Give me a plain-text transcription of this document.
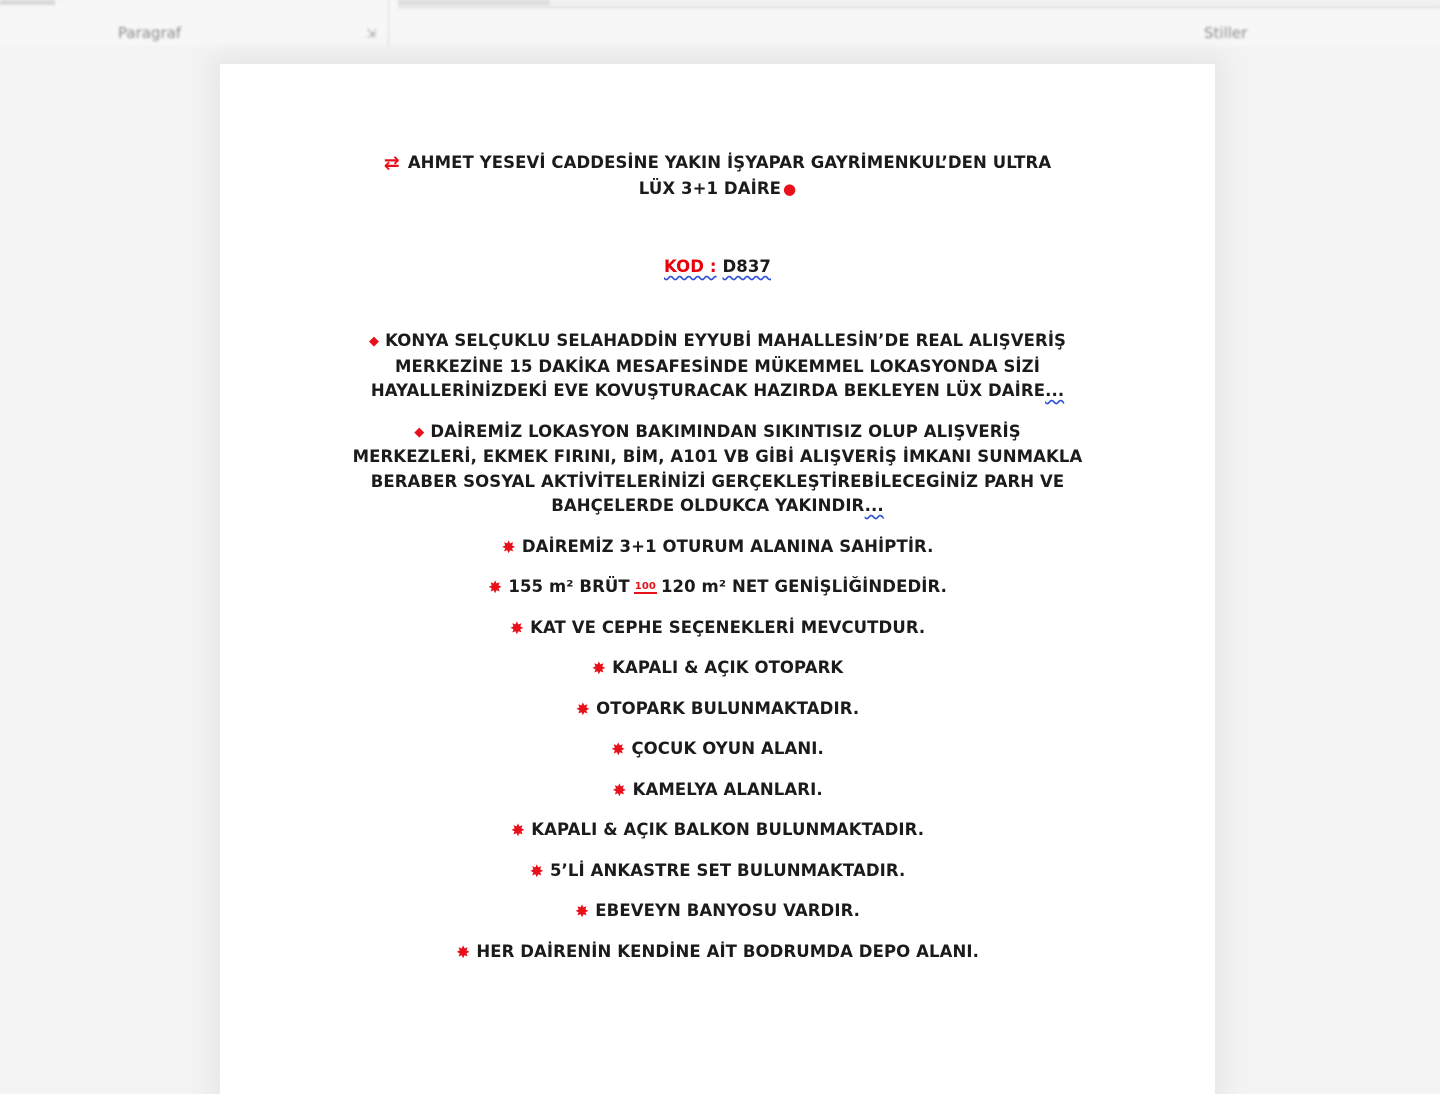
Paragraf	⇲	Stiller

⇄ AHMET YESEVİ CADDESİNE YAKIN İŞYAPAR GAYRİMENKUL’DEN ULTRA
LÜX 3+1 DAİRE ●

KOD : D837

◆ KONYA SELÇUKLU SELAHADDİN EYYUBİ MAHALLESİN’DE REAL ALIŞVERİŞ
MERKEZİNE 15 DAKİKA MESAFESİNDE MÜKEMMEL LOKASYONDA SİZİ
HAYALLERİNİZDEKİ EVE KOVUŞTURACAK HAZIRDA BEKLEYEN LÜX DAİRE...

◆ DAİREMİZ LOKASYON BAKIMINDAN SIKINTISIZ OLUP ALIŞVERİŞ
MERKEZLERİ, EKMEK FIRINI, BİM, A101 VB GİBİ ALIŞVERİŞ İMKANI SUNMAKLA
BERABER SOSYAL AKTİVİTELERİNİZİ GERÇEKLEŞTİREBİLECEGİNİZ PARH VE
BAHÇELERDE OLDUKCA YAKINDIR...

✸ DAİREMİZ 3+1 OTURUM ALANINA SAHİPTİR.

✸ 155 m² BRÜT 100 120 m² NET GENİŞLİĞİNDEDİR.

✸ KAT VE CEPHE SEÇENEKLERİ MEVCUTDUR.

✸ KAPALI & AÇIK OTOPARK

✸ OTOPARK BULUNMAKTADIR.

✸ ÇOCUK OYUN ALANI.

✸ KAMELYA ALANLARI.

✸ KAPALI & AÇIK BALKON BULUNMAKTADIR.

✸ 5’Lİ ANKASTRE SET BULUNMAKTADIR.

✸ EBEVEYN BANYOSU VARDIR.

✸ HER DAİRENİN KENDİNE AİT BODRUMDA DEPO ALANI.
